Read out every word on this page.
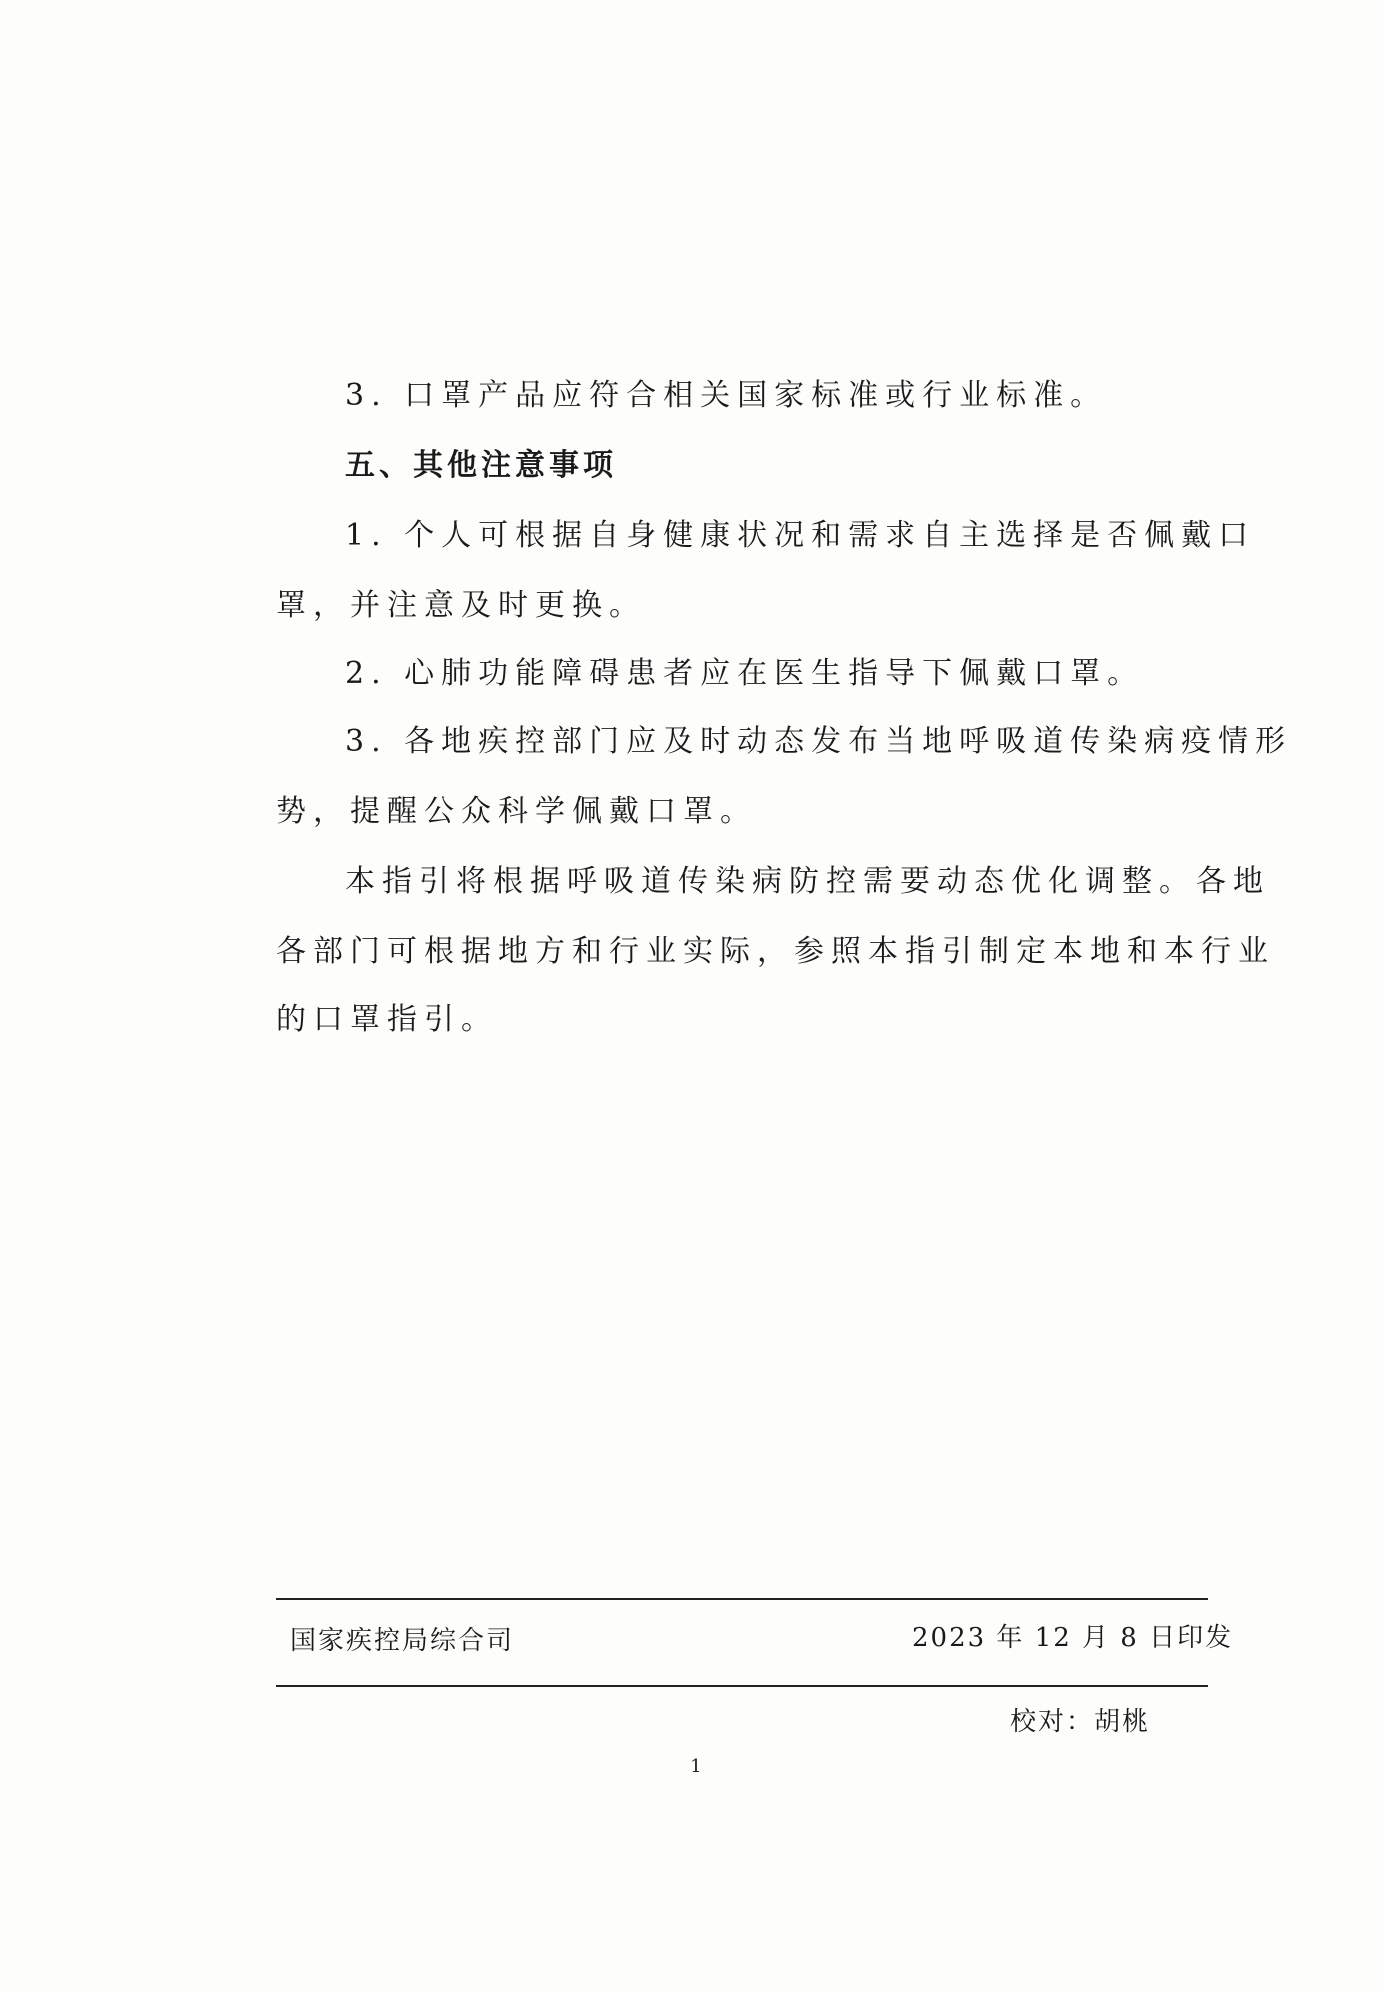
3. 口罩产品应符合相关国家标准或行业标准。
五、其他注意事项
1. 个人可根据自身健康状况和需求自主选择是否佩戴口
罩，并注意及时更换。
2. 心肺功能障碍患者应在医生指导下佩戴口罩。
3. 各地疾控部门应及时动态发布当地呼吸道传染病疫情形
势，提醒公众科学佩戴口罩。
本指引将根据呼吸道传染病防控需要动态优化调整。各地
各部门可根据地方和行业实际，参照本指引制定本地和本行业
的口罩指引。
国家疾控局综合司	2023 年 12 月 8 日印发
校对：胡桃
1
